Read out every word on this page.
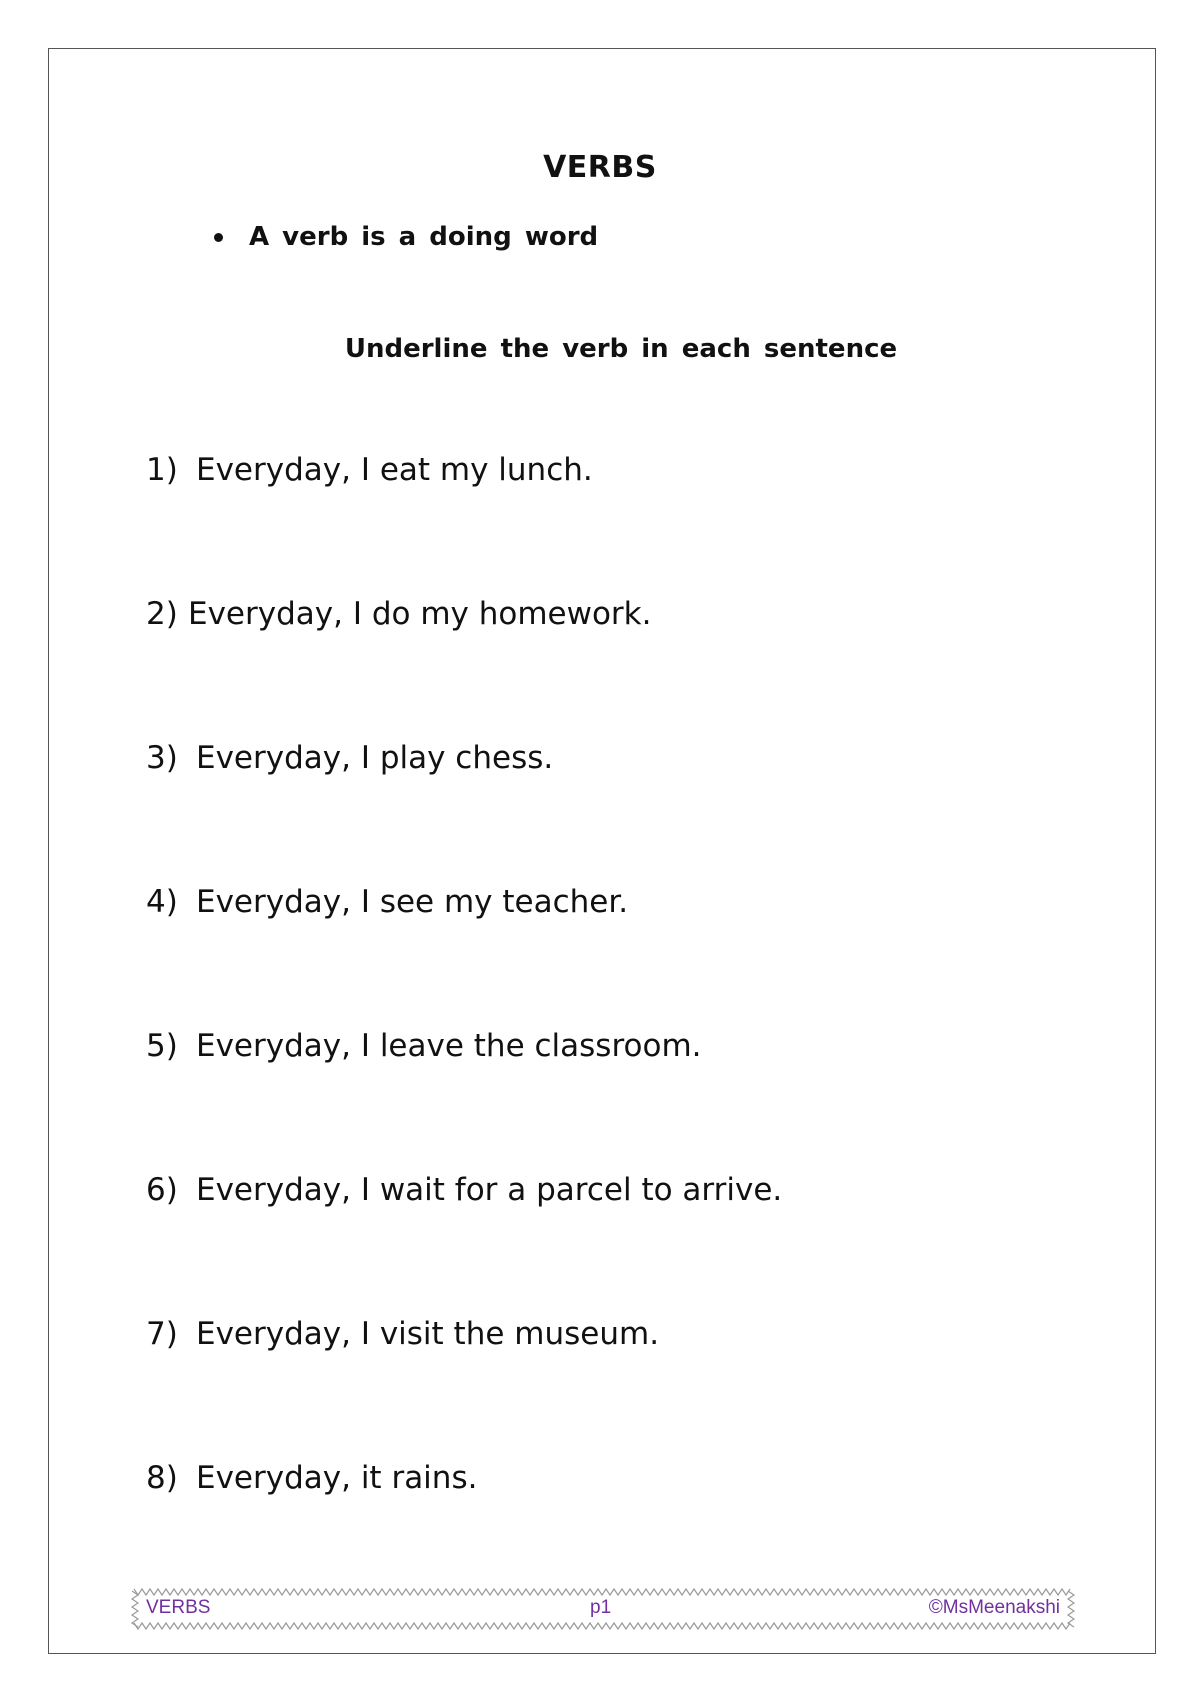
VERBS
A verb is a doing word
Underline the verb in each sentence
1) Everyday, I eat my lunch.
2) Everyday, I do my homework.
3) Everyday, I play chess.
4) Everyday, I see my teacher.
5) Everyday, I leave the classroom.
6) Everyday, I wait for a parcel to arrive.
7) Everyday, I visit the museum.
8) Everyday, it rains.
VERBS	p1	©MsMeenakshi
